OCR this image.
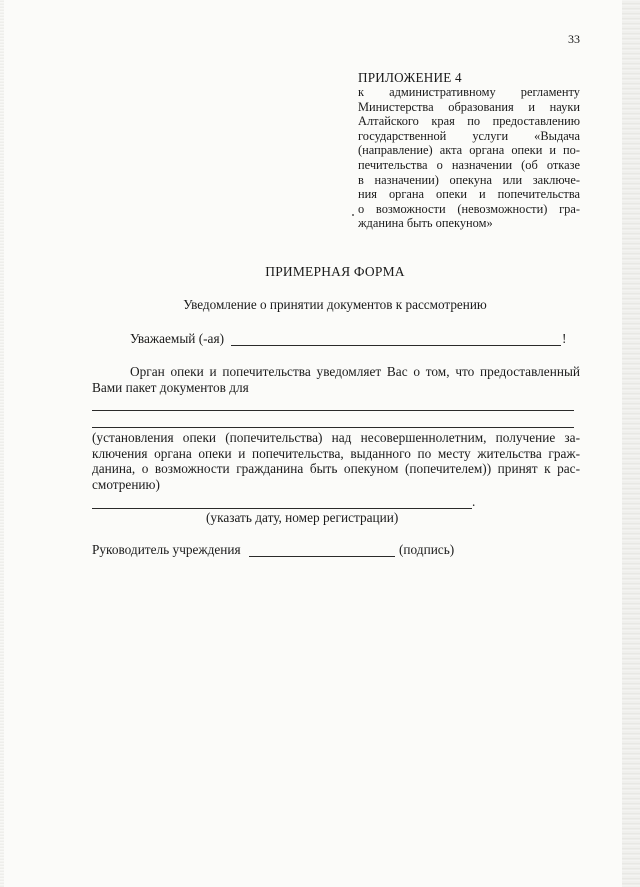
33
ПРИЛОЖЕНИЕ 4
к административному регламенту
Министерства образования и науки
Алтайского края по предоставлению
государственной услуги «Выдача
(направление) акта органа опеки и по-
печительства о назначении (об отказе
в назначении) опекуна или заключе-
ния органа опеки и попечительства
о возможности (невозможности) гра-
жданина быть опекуном»
ПРИМЕРНАЯ ФОРМА
Уведомление о принятии документов к рассмотрению
Уважаемый (-ая)	!
Орган опеки и попечительства уведомляет Вас о том, что предоставленный
Вами пакет документов для
(установления опеки (попечительства) над несовершеннолетним, получение за-
ключения органа опеки и попечительства, выданного по месту жительства граж-
данина, о возможности гражданина быть опекуном (попечителем)) принят к рас-
смотрению)
.
(указать дату, номер регистрации)
Руководитель учреждения	(подпись)
